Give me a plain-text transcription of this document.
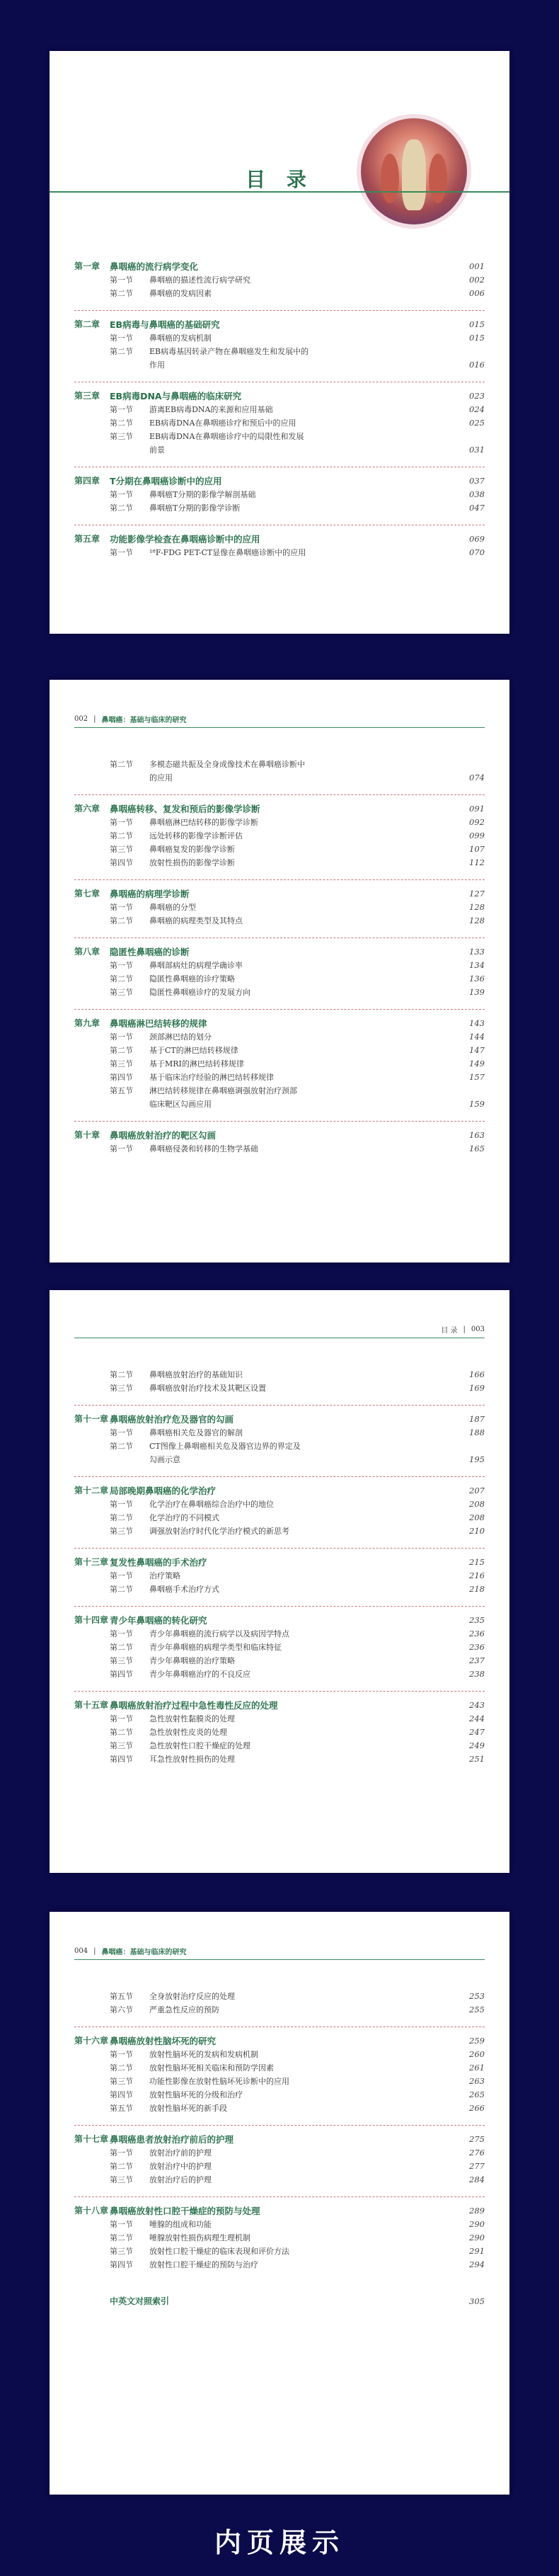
目 录
第一章	鼻咽癌的流行病学变化	001
第一节	鼻咽癌的描述性流行病学研究	002
第二节	鼻咽癌的发病因素	006
第二章	EB病毒与鼻咽癌的基础研究	015
第一节	鼻咽癌的发病机制	015
第二节	EB病毒基因转录产物在鼻咽癌发生和发展中的
作用	016
第三章	EB病毒DNA与鼻咽癌的临床研究	023
第一节	游离EB病毒DNA的来源和应用基础	024
第二节	EB病毒DNA在鼻咽癌诊疗和预后中的应用	025
第三节	EB病毒DNA在鼻咽癌诊疗中的局限性和发展
前景	031
第四章	T分期在鼻咽癌诊断中的应用	037
第一节	鼻咽癌T分期的影像学解剖基础	038
第二节	鼻咽癌T分期的影像学诊断	047
第五章	功能影像学检查在鼻咽癌诊断中的应用	069
第一节	¹⁸F-FDG PET-CT显像在鼻咽癌诊断中的应用	070
002 | 鼻咽癌：基础与临床的研究
第二节	多模态磁共振及全身成像技术在鼻咽癌诊断中
的应用	074
第六章	鼻咽癌转移、复发和预后的影像学诊断	091
第一节	鼻咽癌淋巴结转移的影像学诊断	092
第二节	远处转移的影像学诊断评估	099
第三节	鼻咽癌复发的影像学诊断	107
第四节	放射性损伤的影像学诊断	112
第七章	鼻咽癌的病理学诊断	127
第一节	鼻咽癌的分型	128
第二节	鼻咽癌的病理类型及其特点	128
第八章	隐匿性鼻咽癌的诊断	133
第一节	鼻咽部病灶的病理学确诊率	134
第二节	隐匿性鼻咽癌的诊疗策略	136
第三节	隐匿性鼻咽癌诊疗的发展方向	139
第九章	鼻咽癌淋巴结转移的规律	143
第一节	颈部淋巴结的划分	144
第二节	基于CT的淋巴结转移规律	147
第三节	基于MRI的淋巴结转移规律	149
第四节	基于临床治疗经验的淋巴结转移规律	157
第五节	淋巴结转移规律在鼻咽癌调强放射治疗颈部
临床靶区勾画应用	159
第十章	鼻咽癌放射治疗的靶区勾画	163
第一节	鼻咽癌侵袭和转移的生物学基础	165
目 录 | 003
第二节	鼻咽癌放射治疗的基础知识	166
第三节	鼻咽癌放射治疗技术及其靶区设置	169
第十一章 鼻咽癌放射治疗危及器官的勾画	187
第一节	鼻咽癌相关危及器官的解剖	188
第二节	CT图像上鼻咽癌相关危及器官边界的界定及
勾画示意	195
第十二章 局部晚期鼻咽癌的化学治疗	207
第一节	化学治疗在鼻咽癌综合治疗中的地位	208
第二节	化学治疗的不同模式	208
第三节	调强放射治疗时代化学治疗模式的新思考	210
第十三章 复发性鼻咽癌的手术治疗	215
第一节	治疗策略	216
第二节	鼻咽癌手术治疗方式	218
第十四章 青少年鼻咽癌的转化研究	235
第一节	青少年鼻咽癌的流行病学以及病因学特点	236
第二节	青少年鼻咽癌的病理学类型和临床特征	236
第三节	青少年鼻咽癌的治疗策略	237
第四节	青少年鼻咽癌治疗的不良反应	238
第十五章 鼻咽癌放射治疗过程中急性毒性反应的处理	243
第一节	急性放射性黏膜炎的处理	244
第二节	急性放射性皮炎的处理	247
第三节	急性放射性口腔干燥症的处理	249
第四节	耳急性放射性损伤的处理	251
004 | 鼻咽癌：基础与临床的研究
第五节	全身放射治疗反应的处理	253
第六节	严重急性反应的预防	255
第十六章 鼻咽癌放射性脑坏死的研究	259
第一节	放射性脑坏死的发病和发病机制	260
第二节	放射性脑坏死相关临床和预防学因素	261
第三节	功能性影像在放射性脑坏死诊断中的应用	263
第四节	放射性脑坏死的分级和治疗	265
第五节	放射性脑坏死的新手段	266
第十七章 鼻咽癌患者放射治疗前后的护理	275
第一节	放射治疗前的护理	276
第二节	放射治疗中的护理	277
第三节	放射治疗后的护理	284
第十八章 鼻咽癌放射性口腔干燥症的预防与处理	289
第一节	唾腺的组成和功能	290
第二节	唾腺放射性损伤病理生理机制	290
第三节	放射性口腔干燥症的临床表现和评价方法	291
第四节	放射性口腔干燥症的预防与治疗	294
中英文对照索引	305
内页展示
